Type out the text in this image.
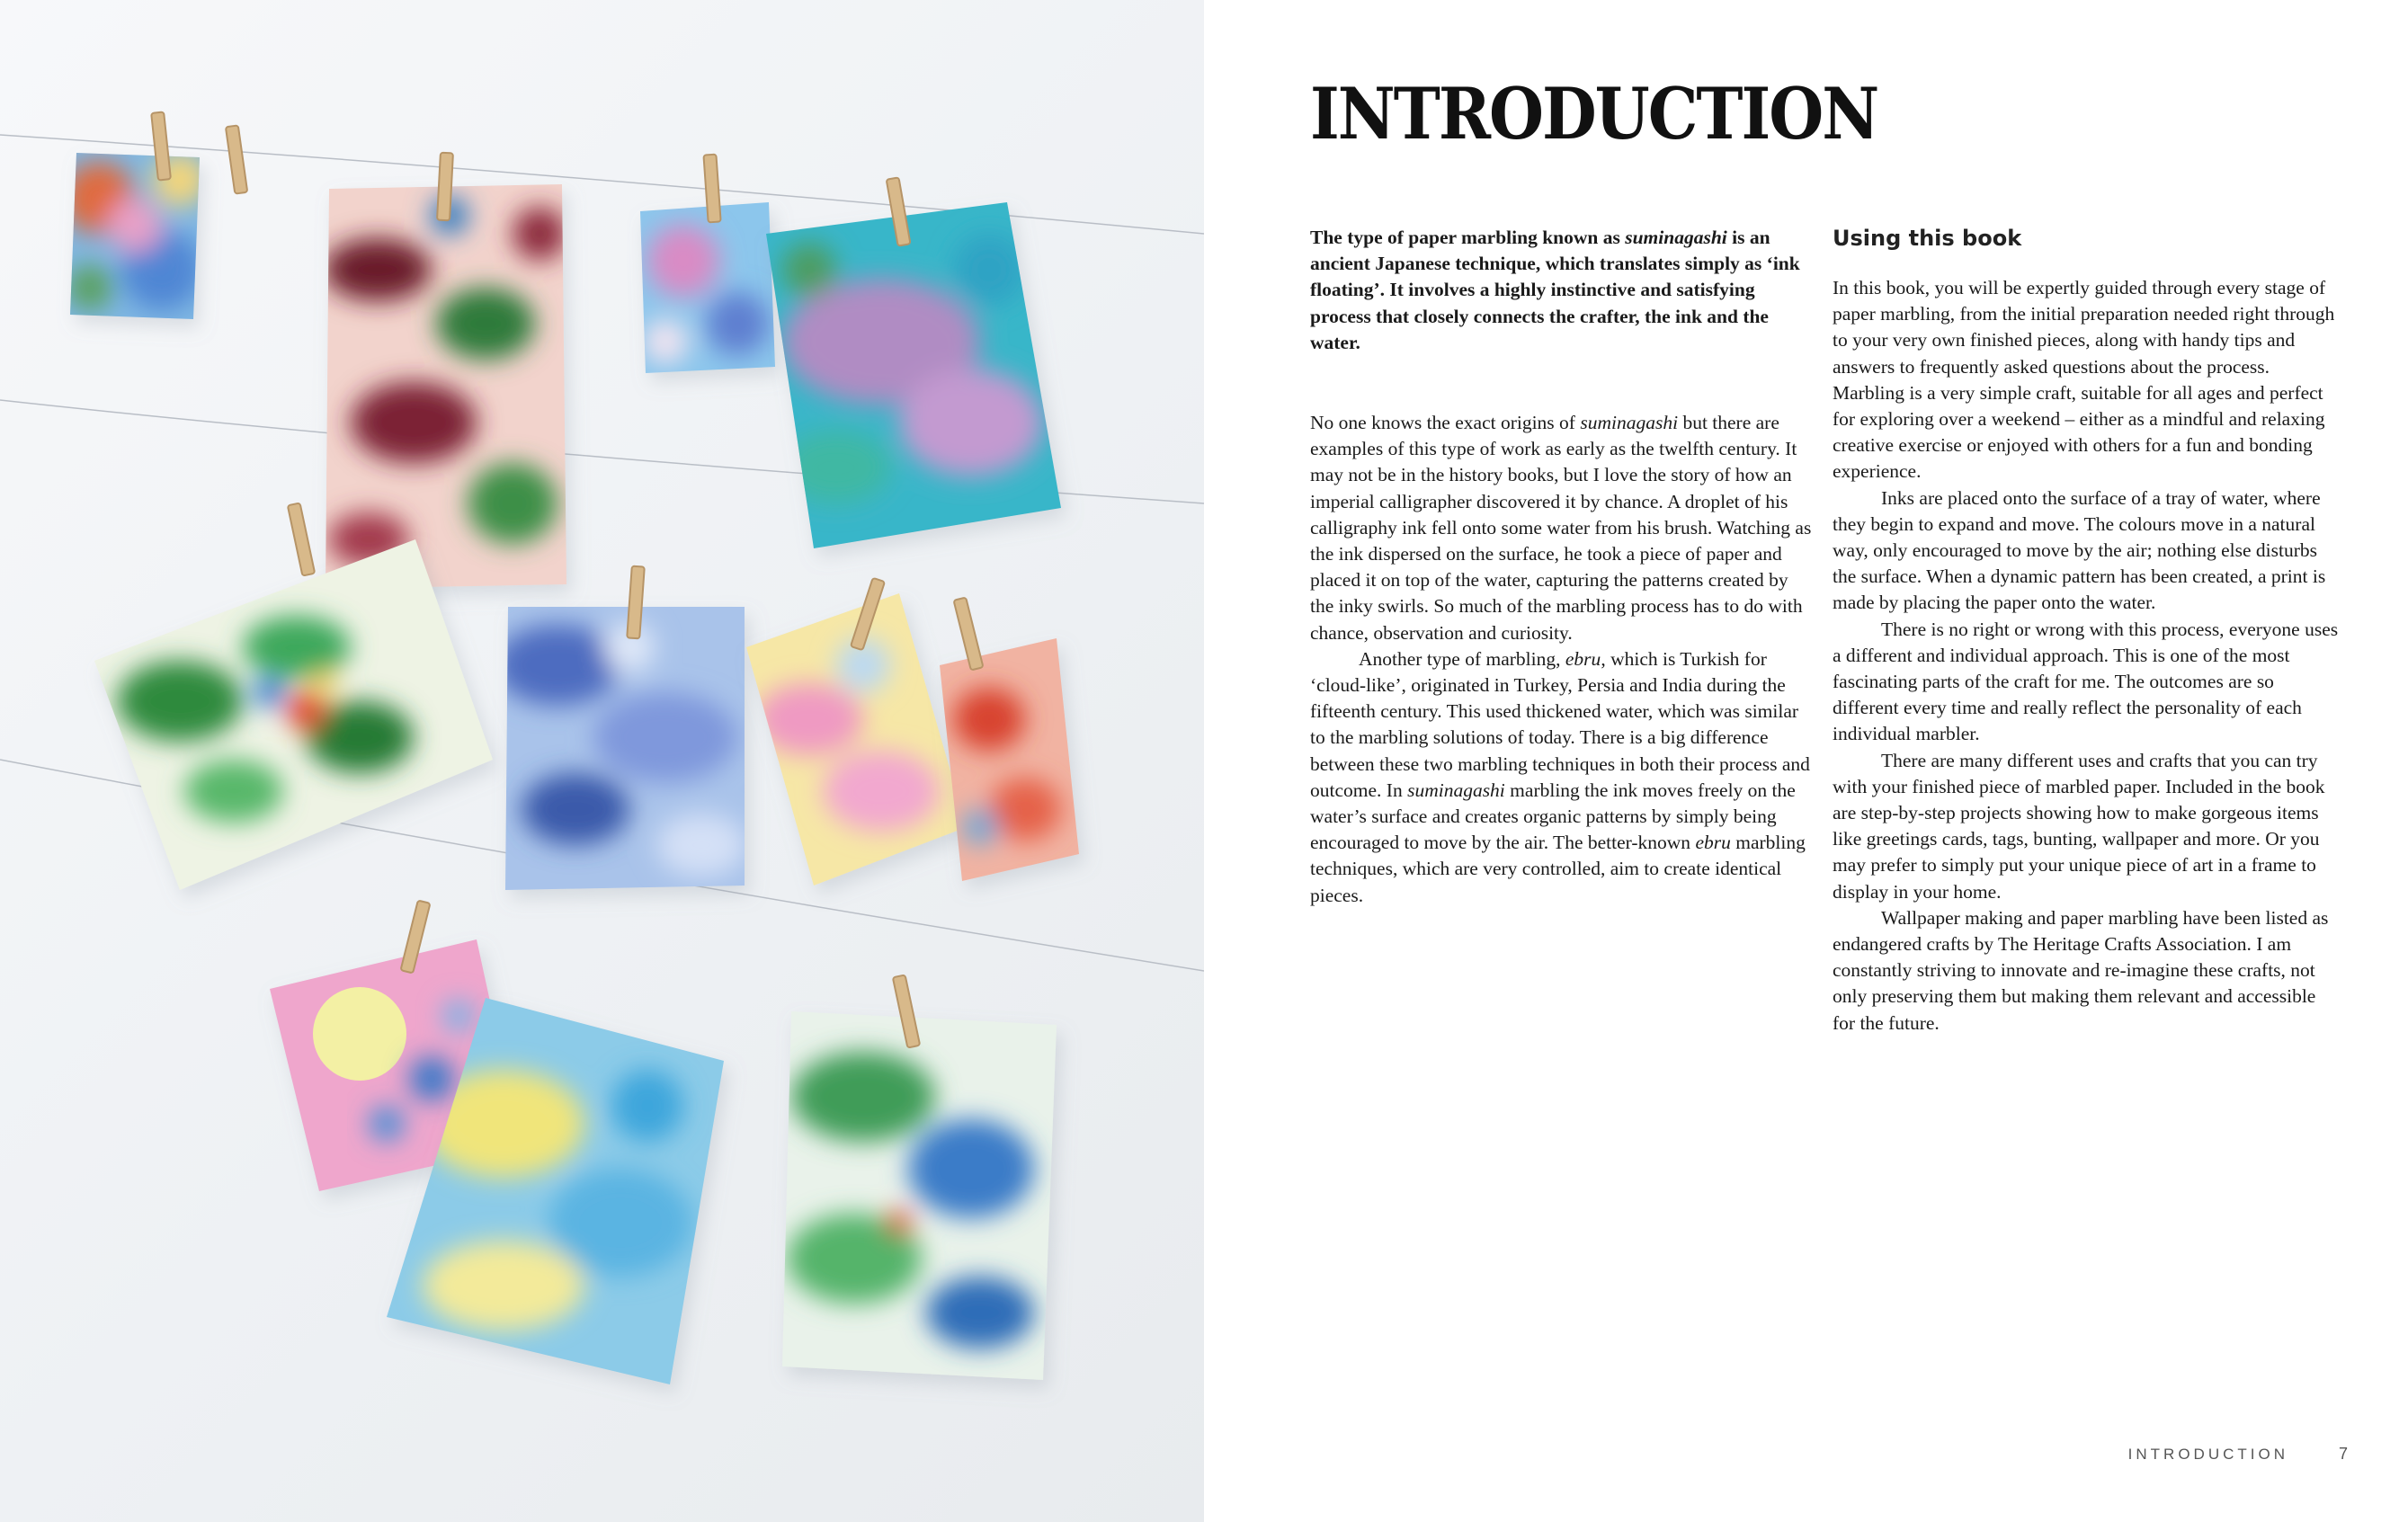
INTRODUCTION

The type of paper marbling known as suminagashi is an ancient Japanese technique, which translates simply as ‘ink floating’. It involves a highly instinctive and satisfying process that closely connects the crafter, the ink and the water.

No one knows the exact origins of suminagashi but there are examples of this type of work as early as the twelfth century. It may not be in the history books, but I love the story of how an imperial calligrapher discovered it by chance. A droplet of his calligraphy ink fell onto some water from his brush. Watching as the ink dispersed on the surface, he took a piece of paper and placed it on top of the water, capturing the patterns created by the inky swirls. So much of the marbling process has to do with chance, observation and curiosity.

Another type of marbling, ebru, which is Turkish for ‘cloud-like’, originated in Turkey, Persia and India during the fifteenth century. This used thickened water, which was similar to the marbling solutions of today. There is a big difference between these two marbling techniques in both their process and outcome. In suminagashi marbling the ink moves freely on the water’s surface and creates organic patterns by simply being encouraged to move by the air. The better-known ebru marbling techniques, which are very controlled, aim to create identical pieces.

Using this book

In this book, you will be expertly guided through every stage of paper marbling, from the initial preparation needed right through to your very own finished pieces, along with handy tips and answers to frequently asked questions about the process. Marbling is a very simple craft, suitable for all ages and perfect for exploring over a weekend – either as a mindful and relaxing creative exercise or enjoyed with others for a fun and bonding experience.

Inks are placed onto the surface of a tray of water, where they begin to expand and move. The colours move in a natural way, only encouraged to move by the air; nothing else disturbs the surface. When a dynamic pattern has been created, a print is made by placing the paper onto the water.

There is no right or wrong with this process, everyone uses a different and individual approach. This is one of the most fascinating parts of the craft for me. The outcomes are so different every time and really reflect the personality of each individual marbler.

There are many different uses and crafts that you can try with your finished piece of marbled paper. Included in the book are step-by-step projects showing how to make gorgeous items like greetings cards, tags, bunting, wallpaper and more. Or you may prefer to simply put your unique piece of art in a frame to display in your home.

Wallpaper making and paper marbling have been listed as endangered crafts by The Heritage Crafts Association. I am constantly striving to innovate and re-imagine these crafts, not only preserving them but making them relevant and accessible for the future.

INTRODUCTION	7
